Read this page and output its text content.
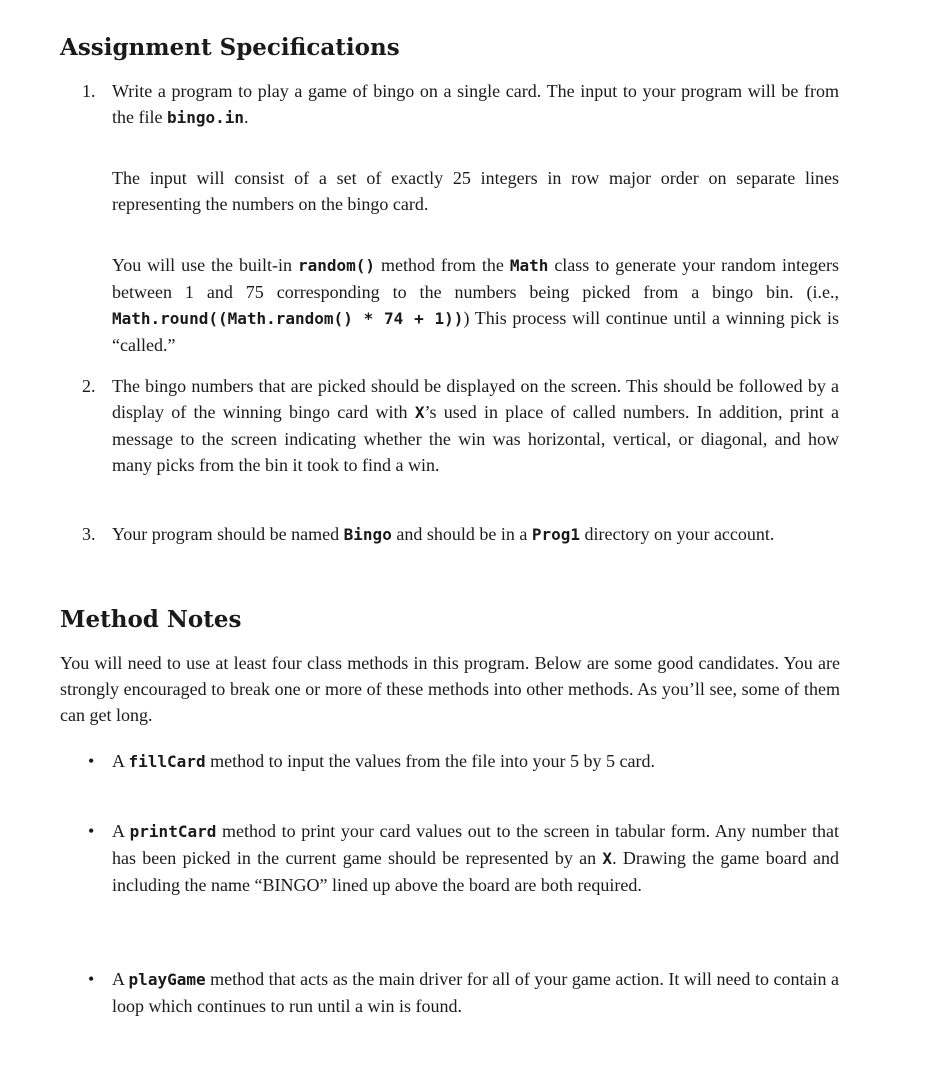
Assignment Specifications
1. Write a program to play a game of bingo on a single card. The input to your program will be from the file bingo.in.

The input will consist of a set of exactly 25 integers in row major order on separate lines representing the numbers on the bingo card.

You will use the built-in random() method from the Math class to generate your random integers between 1 and 75 corresponding to the numbers being picked from a bingo bin. (i.e., Math.round((Math.random() * 74 + 1))) This process will continue until a winning pick is “called.”

2. The bingo numbers that are picked should be displayed on the screen. This should be followed by a display of the winning bingo card with X’s used in place of called numbers. In addition, print a message to the screen indicating whether the win was horizontal, vertical, or diagonal, and how many picks from the bin it took to find a win.

3. Your program should be named Bingo and should be in a Prog1 directory on your account.

Method Notes

You will need to use at least four class methods in this program. Below are some good candidates. You are strongly encouraged to break one or more of these methods into other methods. As you’ll see, some of them can get long.

• A fillCard method to input the values from the file into your 5 by 5 card.

• A printCard method to print your card values out to the screen in tabular form. Any number that has been picked in the current game should be represented by an X. Drawing the game board and including the name “BINGO” lined up above the board are both required.

• A playGame method that acts as the main driver for all of your game action. It will need to contain a loop which continues to run until a win is found.
